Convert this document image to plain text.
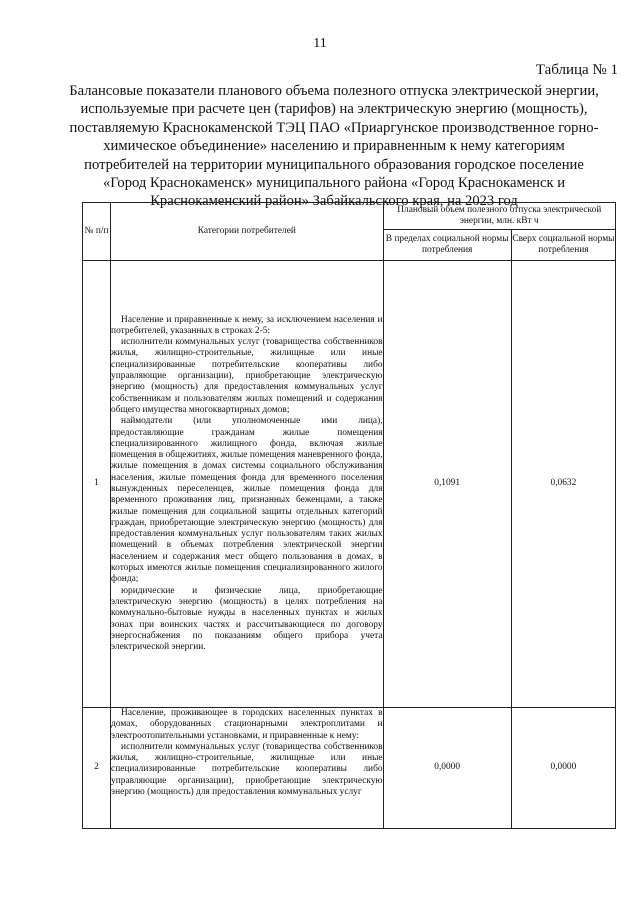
11
Таблица № 1
Балансовые показатели планового объема полезного отпуска электрической энергии,
используемые при расчете цен (тарифов) на электрическую энергию (мощность),
поставляемую Краснокаменской ТЭЦ ПАО «Приаргунское производственное горно-
химическое объединение» населению и приравненным к нему категориям
потребителей на территории муниципального образования городское поселение
«Город Краснокаменск» муниципального района «Город Краснокаменск и
Краснокаменский район» Забайкальского края, на 2023 год
№ п/п	Категории потребителей	Плановый объем полезного отпуска электрической энергии, млн. кВт ч	
		В пределах социальной нормы потребления	Сверх социальной нормы потребления
1	Население и приравненные к нему, за исключением населения и потребителей, указанных в строках 2-5:

исполнители коммунальных услуг (товарищества собственников жилья, жилищно-строительные, жилищные или иные специализированные потребительские кооперативы либо управляющие организации), приобретающие электрическую энергию (мощность) для предоставления коммунальных услуг собственникам и пользователям жилых помещений и содержания общего имущества многоквартирных домов;

наймодатели (или уполномоченные ими лица), предоставляющие гражданам жилые помещения специализированного жилищного фонда, включая жилые помещения в общежитиях, жилые помещения маневренного фонда, жилые помещения в домах системы социального обслуживания населения, жилые помещения фонда для временного поселения вынужденных переселенцев, жилые помещения фонда для временного проживания лиц, признанных беженцами, а также жилые помещения для социальной защиты отдельных категорий граждан, приобретающие электрическую энергию (мощность) для предоставления коммунальных услуг пользователям таких жилых помещений в объемах потребления электрической энергии населением и содержания мест общего пользования в домах, в которых имеются жилые помещения специализированного жилого фонда;

юридические и физические лица, приобретающие электрическую энергию (мощность) в целях потребления на коммунально-бытовые нужды в населенных пунктах и жилых зонах при воинских частях и рассчитывающиеся по договору энергоснабжения по показаниям общего прибора учета электрической энергии.	0,1091	0,0632
2	Население, проживающее в городских населенных пунктах в домах, оборудованных стационарными электроплитами и электроотопительными установками, и приравненные к нему:

исполнители коммунальных услуг (товарищества собственников жилья, жилищно-строительные, жилищные или иные специализированные потребительские кооперативы либо управляющие организации), приобретающие электрическую энергию (мощность) для предоставления коммунальных услуг	0,0000	0,0000
